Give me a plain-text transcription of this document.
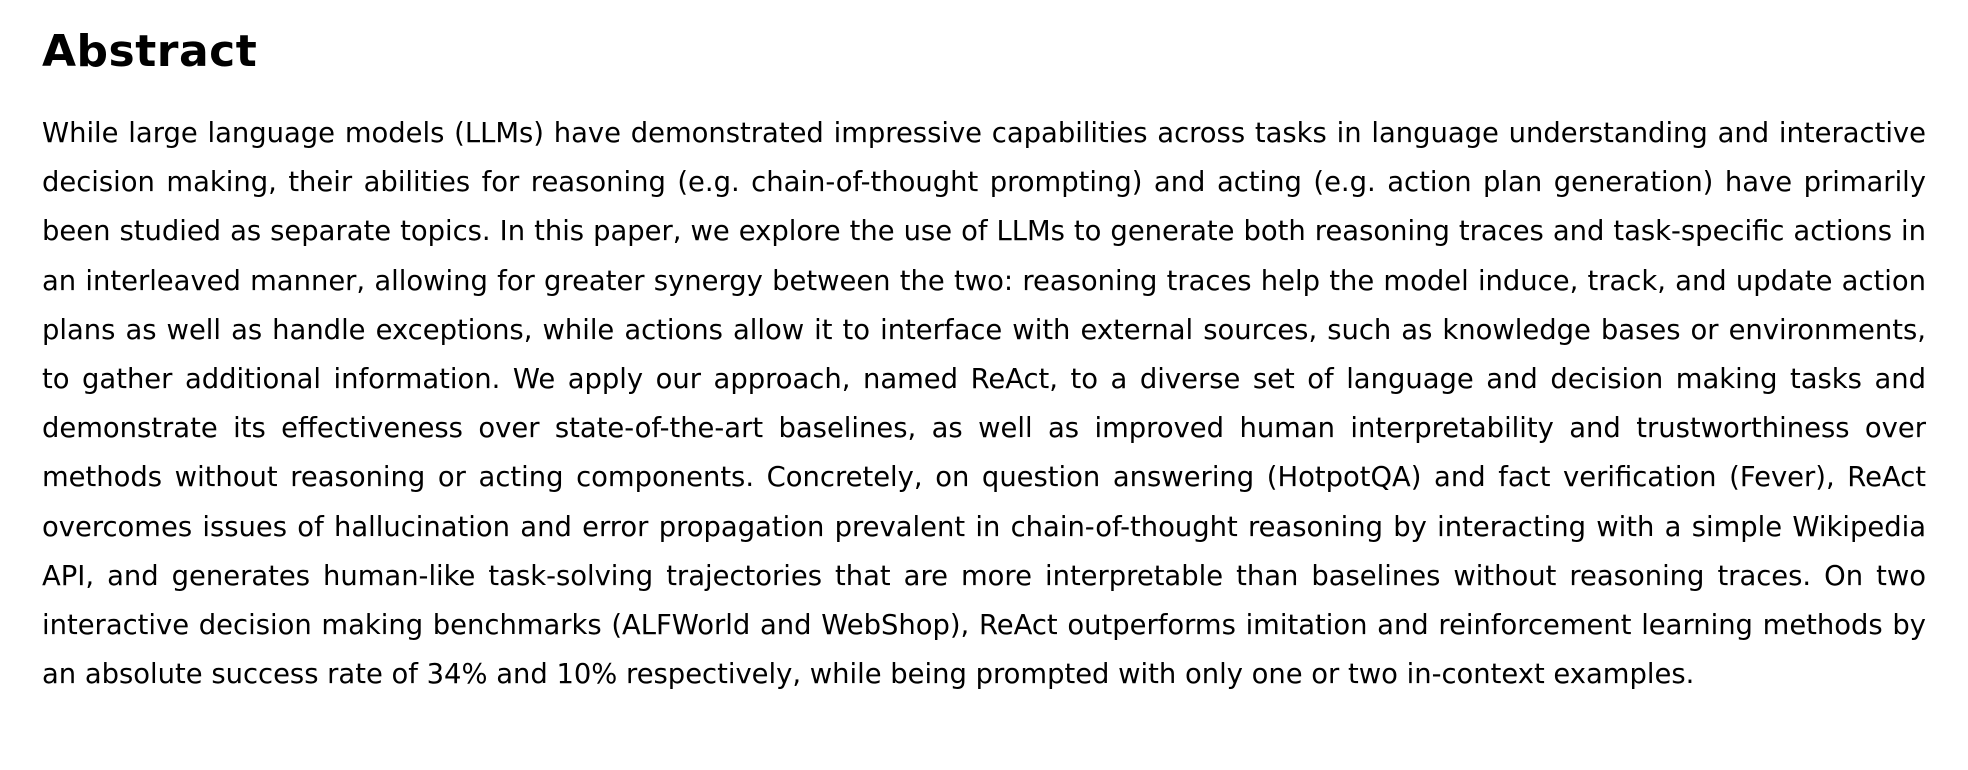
Abstract

While large language models (LLMs) have demonstrated impressive capabilities across tasks in language understanding and interactive decision making, their abilities for reasoning (e.g. chain-of-thought prompting) and acting (e.g. action plan generation) have primarily been studied as separate topics. In this paper, we explore the use of LLMs to generate both reasoning traces and task-specific actions in an interleaved manner, allowing for greater synergy between the two: reasoning traces help the model induce, track, and update action plans as well as handle exceptions, while actions allow it to interface with external sources, such as knowledge bases or environments, to gather additional information. We apply our approach, named ReAct, to a diverse set of language and decision making tasks and demonstrate its effectiveness over state-of-the-art baselines, as well as improved human interpretability and trustworthiness over methods without reasoning or acting components. Concretely, on question answering (HotpotQA) and fact verification (Fever), ReAct overcomes issues of hallucination and error propagation prevalent in chain-of-thought reasoning by interacting with a simple Wikipedia API, and generates human-like task-solving trajectories that are more interpretable than baselines without reasoning traces. On two interactive decision making benchmarks (ALFWorld and WebShop), ReAct outperforms imitation and reinforcement learning methods by an absolute success rate of 34% and 10% respectively, while being prompted with only one or two in-context examples.
